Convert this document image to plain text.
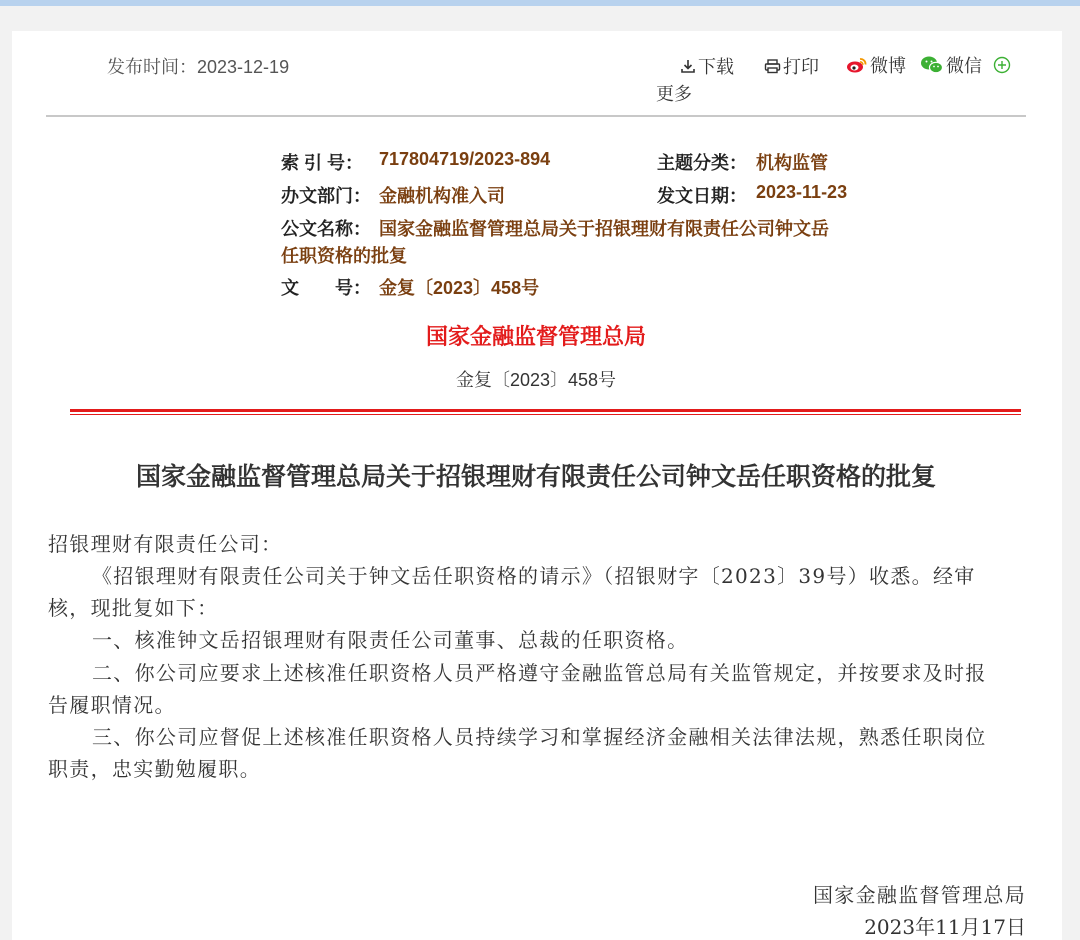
发布时间：2023-12-19	下载	打印	微博 微信
更多
索 引 号： 717804719/2023-894	主题分类： 机构监管
办文部门： 金融机构准入司	发文日期： 2023-11-23
公文名称： 国家金融监督管理总局关于招银理财有限责任公司钟文岳
任职资格的批复
文　　号： 金复〔2023〕458号
国家金融监督管理总局
金复〔2023〕458号
国家金融监督管理总局关于招银理财有限责任公司钟文岳任职资格的批复
招银理财有限责任公司：
《招银理财有限责任公司关于钟文岳任职资格的请示》（招银财字〔2023〕39号）收悉。经审
核，现批复如下：
一、核准钟文岳招银理财有限责任公司董事、总裁的任职资格。
二、你公司应要求上述核准任职资格人员严格遵守金融监管总局有关监管规定，并按要求及时报
告履职情况。
三、你公司应督促上述核准任职资格人员持续学习和掌握经济金融相关法律法规，熟悉任职岗位
职责，忠实勤勉履职。
国家金融监督管理总局
2023年11月17日
